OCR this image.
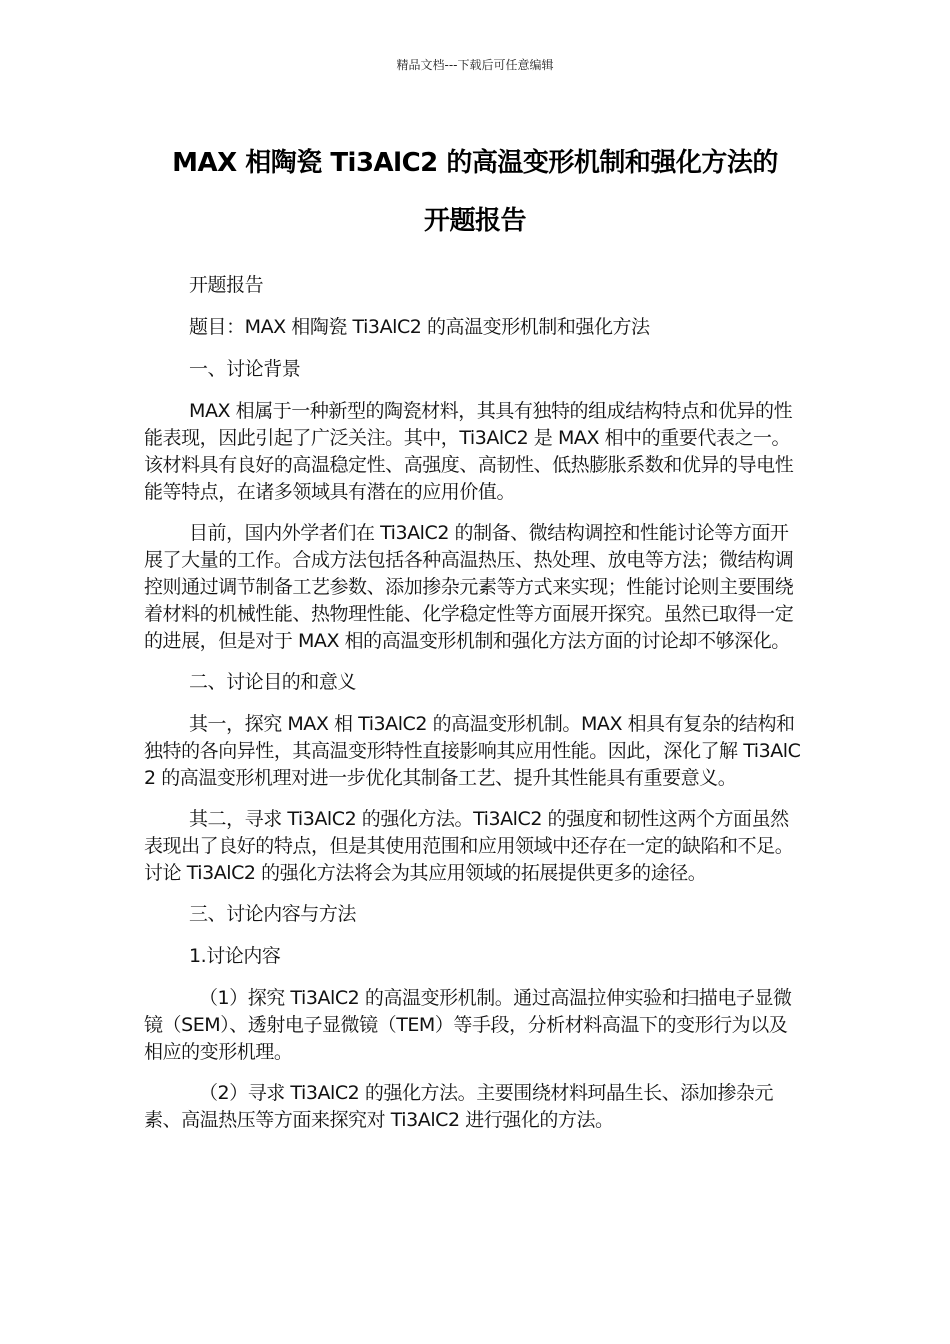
精品文档---下载后可任意编辑
MAX 相陶瓷 Ti3AlC2 的高温变形机制和强化方法的
开题报告

开题报告

题目：MAX 相陶瓷 Ti3AlC2 的高温变形机制和强化方法

一、讨论背景

MAX 相属于一种新型的陶瓷材料，其具有独特的组成结构特点和优异的性能表现，因此引起了广泛关注。其中，Ti3AlC2 是 MAX 相中的重要代表之一。该材料具有良好的高温稳定性、高强度、高韧性、低热膨胀系数和优异的导电性能等特点，在诸多领域具有潜在的应用价值。

目前，国内外学者们在 Ti3AlC2 的制备、微结构调控和性能讨论等方面开展了大量的工作。合成方法包括各种高温热压、热处理、放电等方法；微结构调控则通过调节制备工艺参数、添加掺杂元素等方式来实现；性能讨论则主要围绕着材料的机械性能、热物理性能、化学稳定性等方面展开探究。虽然已取得一定的进展，但是对于 MAX 相的高温变形机制和强化方法方面的讨论却不够深化。

二、讨论目的和意义

其一，探究 MAX 相 Ti3AlC2 的高温变形机制。MAX 相具有复杂的结构和独特的各向异性，其高温变形特性直接影响其应用性能。因此，深化了解 Ti3AlC2 的高温变形机理对进一步优化其制备工艺、提升其性能具有重要意义。

其二，寻求 Ti3AlC2 的强化方法。Ti3AlC2 的强度和韧性这两个方面虽然表现出了良好的特点，但是其使用范围和应用领域中还存在一定的缺陷和不足。讨论 Ti3AlC2 的强化方法将会为其应用领域的拓展提供更多的途径。

三、讨论内容与方法

1.讨论内容

（1）探究 Ti3AlC2 的高温变形机制。通过高温拉伸实验和扫描电子显微镜（SEM）、透射电子显微镜（TEM）等手段，分析材料高温下的变形行为以及相应的变形机理。

（2）寻求 Ti3AlC2 的强化方法。主要围绕材料珂晶生长、添加掺杂元素、高温热压等方面来探究对 Ti3AlC2 进行强化的方法。
